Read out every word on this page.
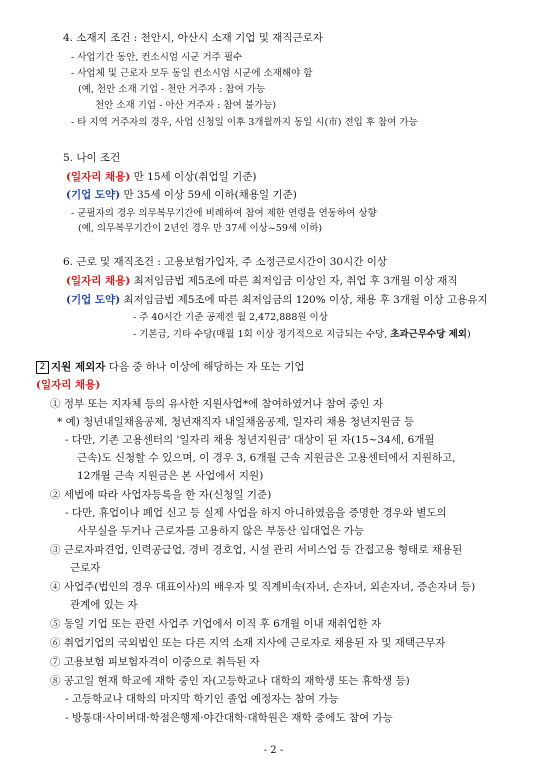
4. 소재지 조건 : 천안시, 아산시 소재 기업 및 재직근로자
- 사업기간 동안, 컨소시엄 시군 거주 필수
- 사업체 및 근로자 모두 동일 컨소시엄 시군에 소재해야 함
(예, 천안 소재 기업 - 천안 거주자 : 참여 가능
천안 소재 기업 - 아산 거주자 : 참여 불가능)
- 타 지역 거주자의 경우, 사업 신청일 이후 3개월까지 동일 시(市) 전입 후 참여 가능
5. 나이 조건
(일자리 채용) 만 15세 이상(취업일 기준)
(기업 도약) 만 35세 이상 59세 이하(채용일 기준)
- 군필자의 경우 의무복무기간에 비례하여 참여 제한 연령을 연동하여 상향
(예, 의무복무기간이 2년인 경우 만 37세 이상~59세 이하)
6. 근로 및 재직조건 : 고용보험가입자, 주 소정근로시간이 30시간 이상
(일자리 채용) 최저임금법 제5조에 따른 최저임금 이상인 자, 취업 후 3개월 이상 재직
(기업 도약) 최저임금법 제5조에 따른 최저임금의 120% 이상, 채용 후 3개월 이상 고용유지
- 주 40시간 기준 공제전 월 2,472,888원 이상
- 기본급, 기타 수당(매월 1회 이상 정기적으로 지급되는 수당, 초과근무수당 제외)
2 지원 제외자 다음 중 하나 이상에 해당하는 자 또는 기업
(일자리 채용)
① 정부 또는 지자체 등의 유사한 지원사업*에 참여하였거나 참여 중인 자
* 예) 청년내일채움공제, 청년재직자 내일채움공제, 일자리 채용 청년지원금 등
- 다만, 기존 고용센터의 '일자리 채용 청년지원금' 대상이 된 자(15~34세, 6개월
근속)도 신청할 수 있으며, 이 경우 3, 6개월 근속 지원금은 고용센터에서 지원하고,
12개월 근속 지원금은 본 사업에서 지원)
② 세법에 따라 사업자등록을 한 자(신청일 기준)
- 다만, 휴업이나 폐업 신고 등 실제 사업을 하지 아니하였음을 증명한 경우와 별도의
사무실을 두거나 근로자를 고용하지 않은 부동산 임대업은 가능
③ 근로자파견업, 인력공급업, 경비 경호업, 시설 관리 서비스업 등 간접고용 형태로 채용된
근로자
④ 사업주(법인의 경우 대표이사)의 배우자 및 직계비속(자녀, 손자녀, 외손자녀, 증손자녀 등)
관계에 있는 자
⑤ 동일 기업 또는 관련 사업주 기업에서 이직 후 6개월 이내 재취업한 자
⑥ 취업기업의 국외법인 또는 다른 지역 소재 지사에 근로자로 채용된 자 및 재택근무자
⑦ 고용보험 피보험자격이 이중으로 취득된 자
⑧ 공고일 현재 학교에 재학 중인 자(고등학교나 대학의 재학생 또는 휴학생 등)
- 고등학교나 대학의 마지막 학기인 졸업 예정자는 참여 가능
- 방통대·사이버대·학점은행제·야간대학·대학원은 재학 중에도 참여 가능
- 2 -
